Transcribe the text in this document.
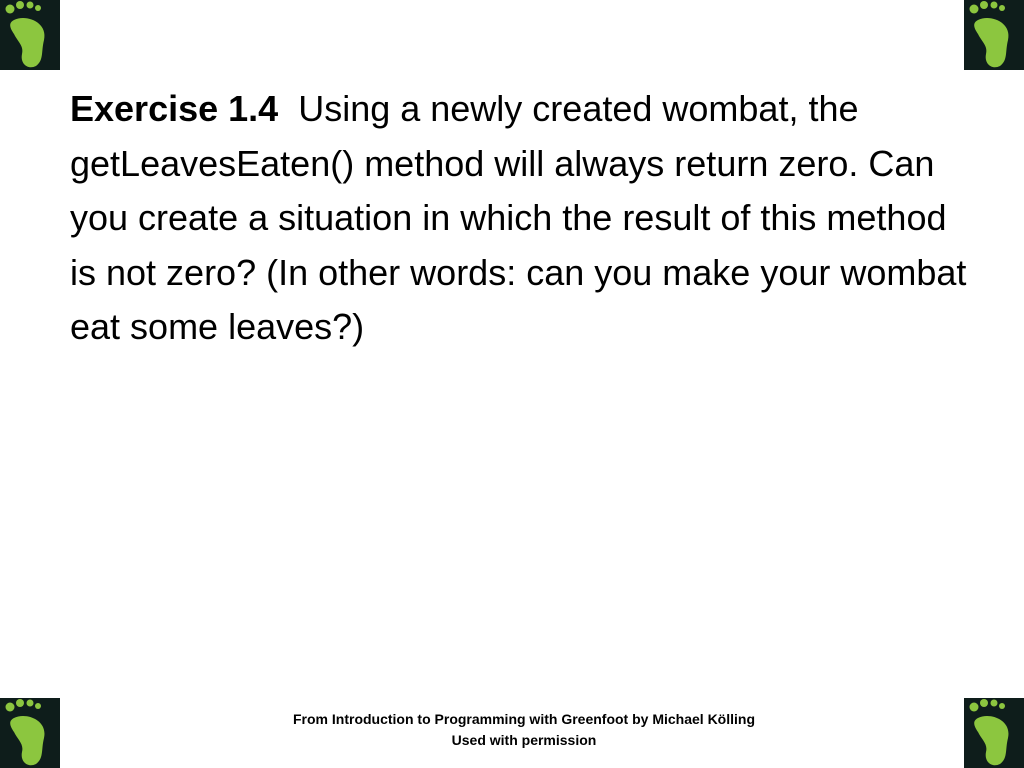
Exercise 1.4 Using a newly created wombat, the getLeavesEaten() method will always return zero. Can you create a situation in which the result of this method is not zero? (In other words: can you make your wombat eat some leaves?)
From Introduction to Programming with Greenfoot by Michael Kölling
Used with permission
